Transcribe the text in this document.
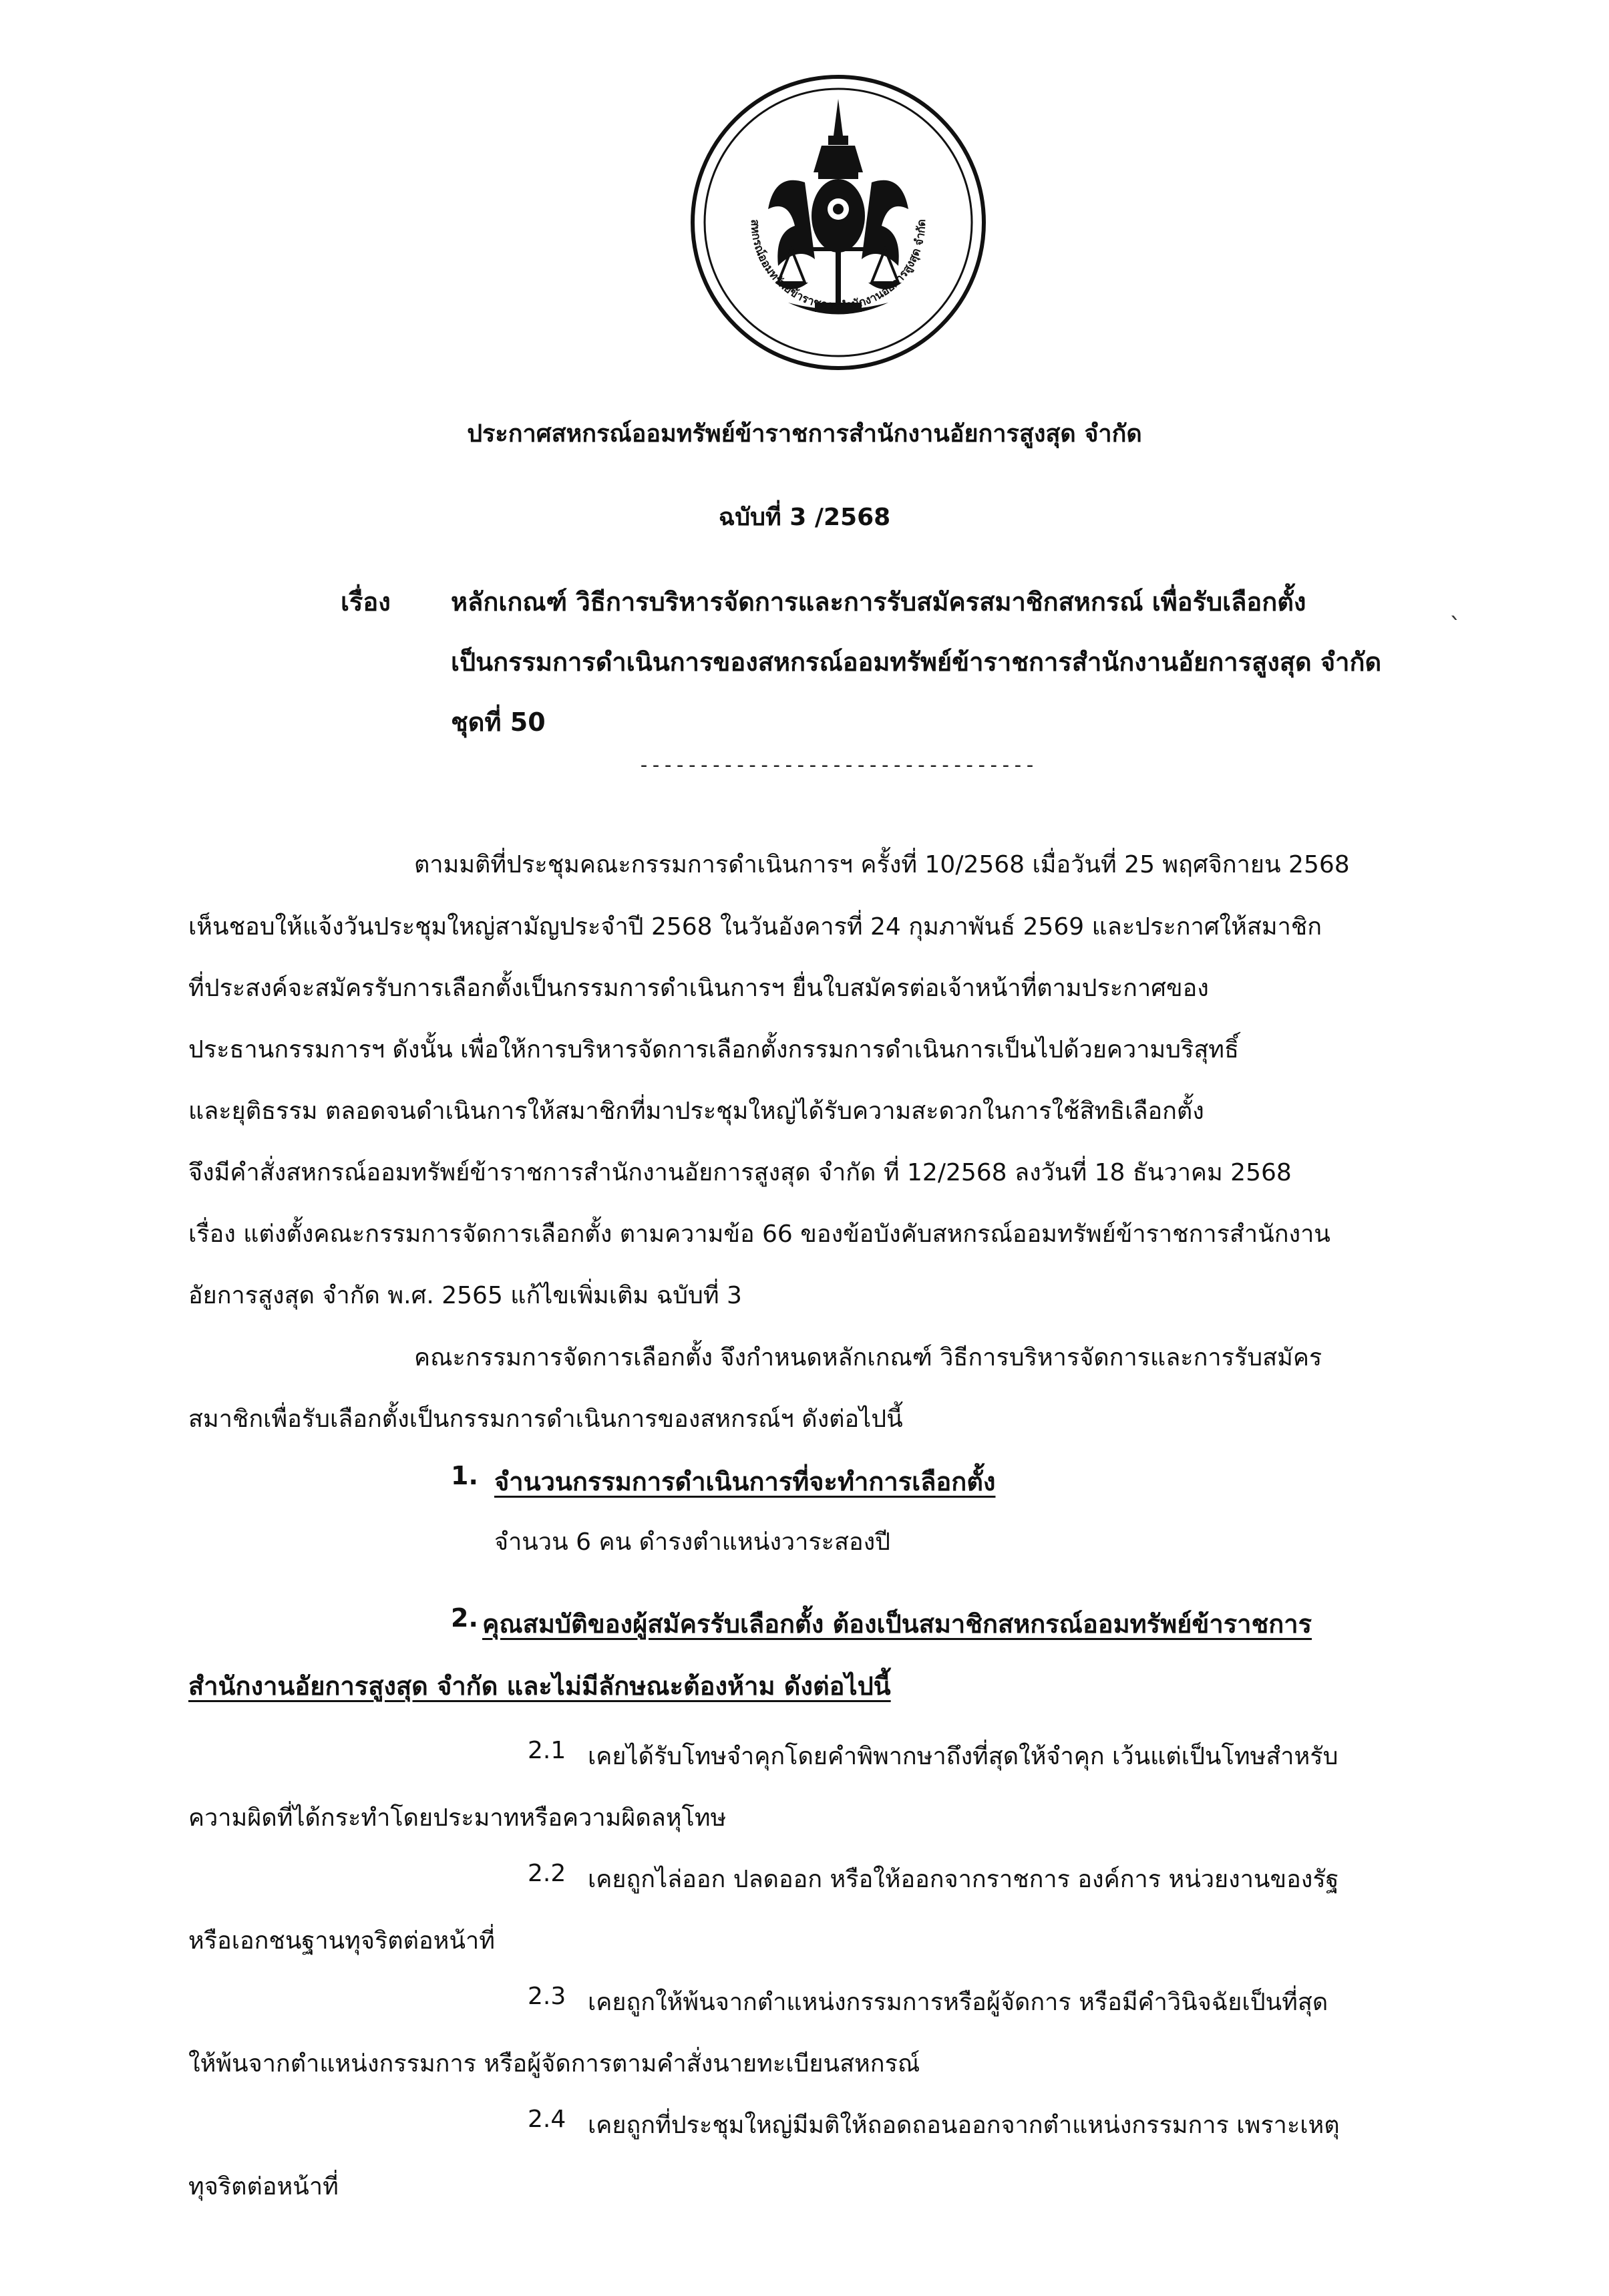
สหกรณ์ออมทรัพย์ข้าราชการสำนักงานอัยการสูงสุด จำกัด
ประกาศสหกรณ์ออมทรัพย์ข้าราชการสำนักงานอัยการสูงสุด จำกัด
ฉบับที่ 3 /2568
เรื่อง หลักเกณฑ์ วิธีการบริหารจัดการและการรับสมัครสมาชิกสหกรณ์ เพื่อรับเลือกตั้ง
เป็นกรรมการดำเนินการของสหกรณ์ออมทรัพย์ข้าราชการสำนักงานอัยการสูงสุด จำกัด
ชุดที่ 50
`
---------------------------------
ตามมติที่ประชุมคณะกรรมการดำเนินการฯ ครั้งที่ 10/2568 เมื่อวันที่ 25 พฤศจิกายน 2568
เห็นชอบให้แจ้งวันประชุมใหญ่สามัญประจำปี 2568 ในวันอังคารที่ 24 กุมภาพันธ์ 2569 และประกาศให้สมาชิก
ที่ประสงค์จะสมัครรับการเลือกตั้งเป็นกรรมการดำเนินการฯ ยื่นใบสมัครต่อเจ้าหน้าที่ตามประกาศของ
ประธานกรรมการฯ ดังนั้น เพื่อให้การบริหารจัดการเลือกตั้งกรรมการดำเนินการเป็นไปด้วยความบริสุทธิ์
และยุติธรรม ตลอดจนดำเนินการให้สมาชิกที่มาประชุมใหญ่ได้รับความสะดวกในการใช้สิทธิเลือกตั้ง
จึงมีคำสั่งสหกรณ์ออมทรัพย์ข้าราชการสำนักงานอัยการสูงสุด จำกัด ที่ 12/2568 ลงวันที่ 18 ธันวาคม 2568
เรื่อง แต่งตั้งคณะกรรมการจัดการเลือกตั้ง ตามความข้อ 66 ของข้อบังคับสหกรณ์ออมทรัพย์ข้าราชการสำนักงาน
อัยการสูงสุด จำกัด พ.ศ. 2565 แก้ไขเพิ่มเติม ฉบับที่ 3
คณะกรรมการจัดการเลือกตั้ง จึงกำหนดหลักเกณฑ์ วิธีการบริหารจัดการและการรับสมัคร
สมาชิกเพื่อรับเลือกตั้งเป็นกรรมการดำเนินการของสหกรณ์ฯ ดังต่อไปนี้
1. จำนวนกรรมการดำเนินการที่จะทำการเลือกตั้ง
จำนวน 6 คน ดำรงตำแหน่งวาระสองปี
2. คุณสมบัติของผู้สมัครรับเลือกตั้ง ต้องเป็นสมาชิกสหกรณ์ออมทรัพย์ข้าราชการ
สำนักงานอัยการสูงสุด จำกัด และไม่มีลักษณะต้องห้าม ดังต่อไปนี้
2.1 เคยได้รับโทษจำคุกโดยคำพิพากษาถึงที่สุดให้จำคุก เว้นแต่เป็นโทษสำหรับ
ความผิดที่ได้กระทำโดยประมาทหรือความผิดลหุโทษ
2.2 เคยถูกไล่ออก ปลดออก หรือให้ออกจากราชการ องค์การ หน่วยงานของรัฐ
หรือเอกชนฐานทุจริตต่อหน้าที่
2.3 เคยถูกให้พ้นจากตำแหน่งกรรมการหรือผู้จัดการ หรือมีคำวินิจฉัยเป็นที่สุด
ให้พ้นจากตำแหน่งกรรมการ หรือผู้จัดการตามคำสั่งนายทะเบียนสหกรณ์
2.4 เคยถูกที่ประชุมใหญ่มีมติให้ถอดถอนออกจากตำแหน่งกรรมการ เพราะเหตุ
ทุจริตต่อหน้าที่
